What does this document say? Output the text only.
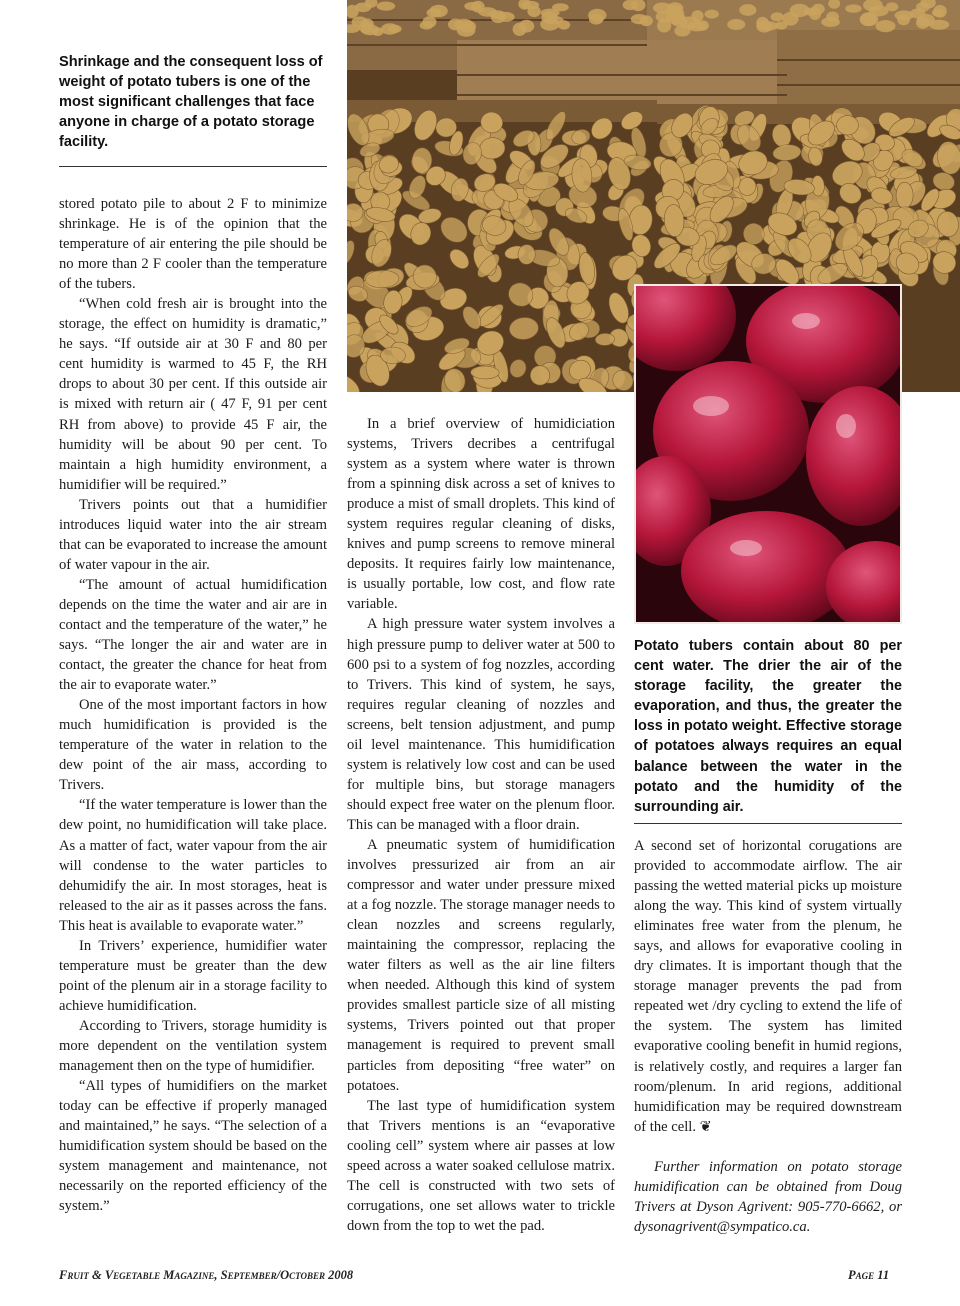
Shrinkage and the consequent loss of weight of potato tubers is one of the most significant challenges that face anyone in charge of a potato storage facility.

stored potato pile to about 2 F to minimize shrinkage. He is of the opinion that the temperature of air entering the pile should be no more than 2 F cooler than the temperature of the tubers.

“When cold fresh air is brought into the storage, the effect on humidity is dramatic,” he says. “If outside air at 30 F and 80 per cent humidity is warmed to 45 F, the RH drops to about 30 per cent. If this outside air is mixed with return air ( 47 F, 91 per cent RH from above) to provide 45 F air, the humidity will be about 90 per cent. To maintain a high humidity environment, a humidifier will be required.”

Trivers points out that a humidifier introduces liquid water into the air stream that can be evaporated to increase the amount of water vapour in the air.

“The amount of actual humidification depends on the time the water and air are in contact and the temperature of the water,” he says. “The longer the air and water are in contact, the greater the chance for heat from the air to evaporate water.”

One of the most important factors in how much humidification is provided is the temperature of the water in relation to the dew point of the air mass, according to Trivers.

“If the water temperature is lower than the dew point, no humidification will take place. As a matter of fact, water vapour from the air will condense to the water particles to dehumidify the air. In most storages, heat is released to the air as it passes across the fans. This heat is available to evaporate water.”

In Trivers’ experience, humidifier water temperature must be greater than the dew point of the plenum air in a storage facility to achieve humidification.

According to Trivers, storage humidity is more dependent on the ventilation system management then on the type of humidifier.

“All types of humidifiers on the market today can be effective if properly managed and maintained,” he says. “The selection of a humidification system should be based on the system management and maintenance, not necessarily on the reported efficiency of the system.”

In a brief overview of humidiciation systems, Trivers decribes a centrifugal system as a system where water is thrown from a spinning disk across a set of knives to produce a mist of small droplets. This kind of system requires regular cleaning of disks, knives and pump screens to remove mineral deposits. It requires fairly low maintenance, is usually portable, low cost, and flow rate variable.

A high pressure water system involves a high pressure pump to deliver water at 500 to 600 psi to a system of fog nozzles, according to Trivers. This kind of system, he says, requires regular cleaning of nozzles and screens, belt tension adjustment, and pump oil level maintenance. This humidification system is relatively low cost and can be used for multiple bins, but storage managers should expect free water on the plenum floor. This can be managed with a floor drain.

A pneumatic system of humidification involves pressurized air from an air compressor and water under pressure mixed at a fog nozzle. The storage manager needs to clean nozzles and screens regularly, maintaining the compressor, replacing the water filters as well as the air line filters when needed. Although this kind of system provides smallest particle size of all misting systems, Trivers pointed out that proper management is required to prevent small particles from depositing “free water” on potatoes.

The last type of humidification system that Trivers mentions is an “evaporative cooling cell” system where air passes at low speed across a water soaked cellulose matrix. The cell is constructed with two sets of corrugations, one set allows water to trickle down from the top to wet the pad.

Potato tubers contain about 80 per cent water. The drier the air of the storage facility, the greater the evaporation, and thus, the greater the loss in potato weight. Effective storage of potatoes always requires an equal balance between the water in the potato and the humidity of the surrounding air.

A second set of horizontal corugations are provided to accommodate airflow. The air passing the wetted material picks up moisture along the way. This kind of system virtually eliminates free water from the plenum, he says, and allows for evaporative cooling in dry climates. It is important though that the storage manager prevents the pad from repeated wet /dry cycling to extend the life of the system. The system has limited evaporative cooling benefit in humid regions, is relatively costly, and requires a larger fan room/plenum. In arid regions, additional humidification may be required downstream of the cell. ❦

Further information on potato storage humidification can be obtained from Doug Trivers at Dyson Agrivent: 905-770-6662, or dysonagrivent@sympatico.ca.

Fruit & Vegetable Magazine, September/October 2008	Page 11
